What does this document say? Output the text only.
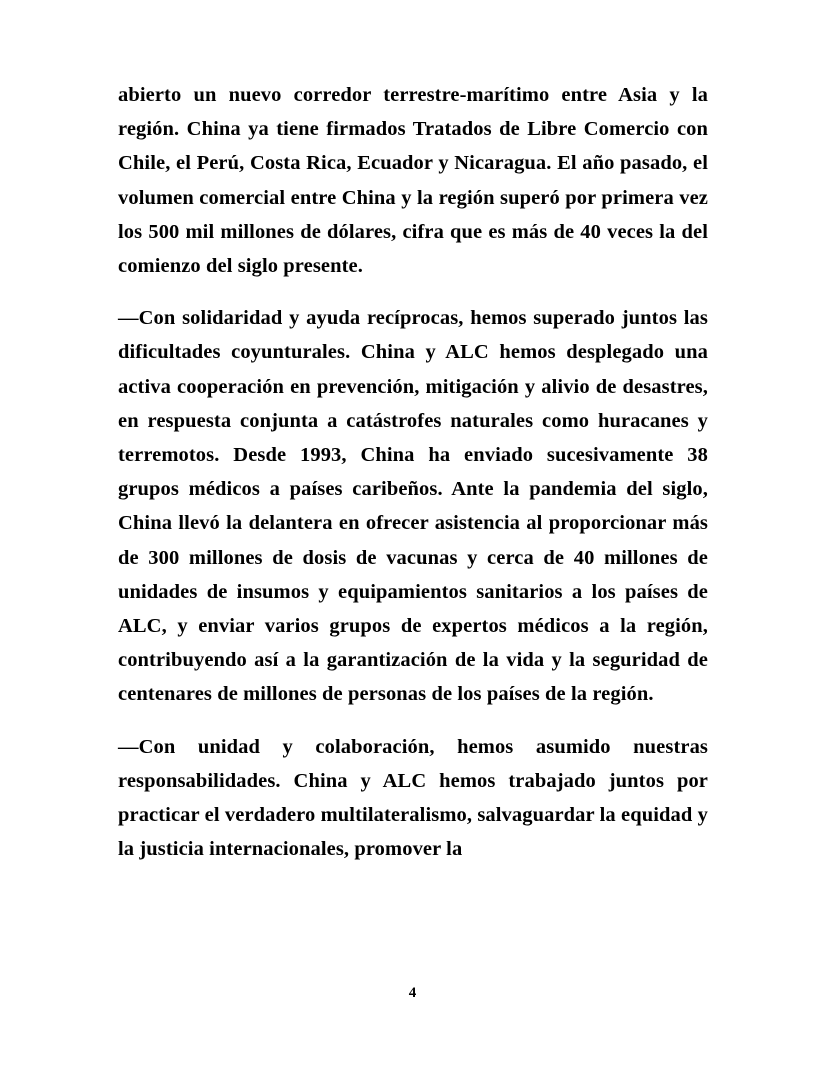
abierto un nuevo corredor terrestre-marítimo entre Asia y la región. China ya tiene firmados Tratados de Libre Comercio con Chile, el Perú, Costa Rica, Ecuador y Nicaragua. El año pasado, el volumen comercial entre China y la región superó por primera vez los 500 mil millones de dólares, cifra que es más de 40 veces la del comienzo del siglo presente.

—Con solidaridad y ayuda recíprocas, hemos superado juntos las dificultades coyunturales. China y ALC hemos desplegado una activa cooperación en prevención, mitigación y alivio de desastres, en respuesta conjunta a catástrofes naturales como huracanes y terremotos. Desde 1993, China ha enviado sucesivamente 38 grupos médicos a países caribeños. Ante la pandemia del siglo, China llevó la delantera en ofrecer asistencia al proporcionar más de 300 millones de dosis de vacunas y cerca de 40 millones de unidades de insumos y equipamientos sanitarios a los países de ALC, y enviar varios grupos de expertos médicos a la región, contribuyendo así a la garantización de la vida y la seguridad de centenares de millones de personas de los países de la región.

—Con unidad y colaboración, hemos asumido nuestras responsabilidades. China y ALC hemos trabajado juntos por practicar el verdadero multilateralismo, salvaguardar la equidad y la justicia internacionales, promover la

4
